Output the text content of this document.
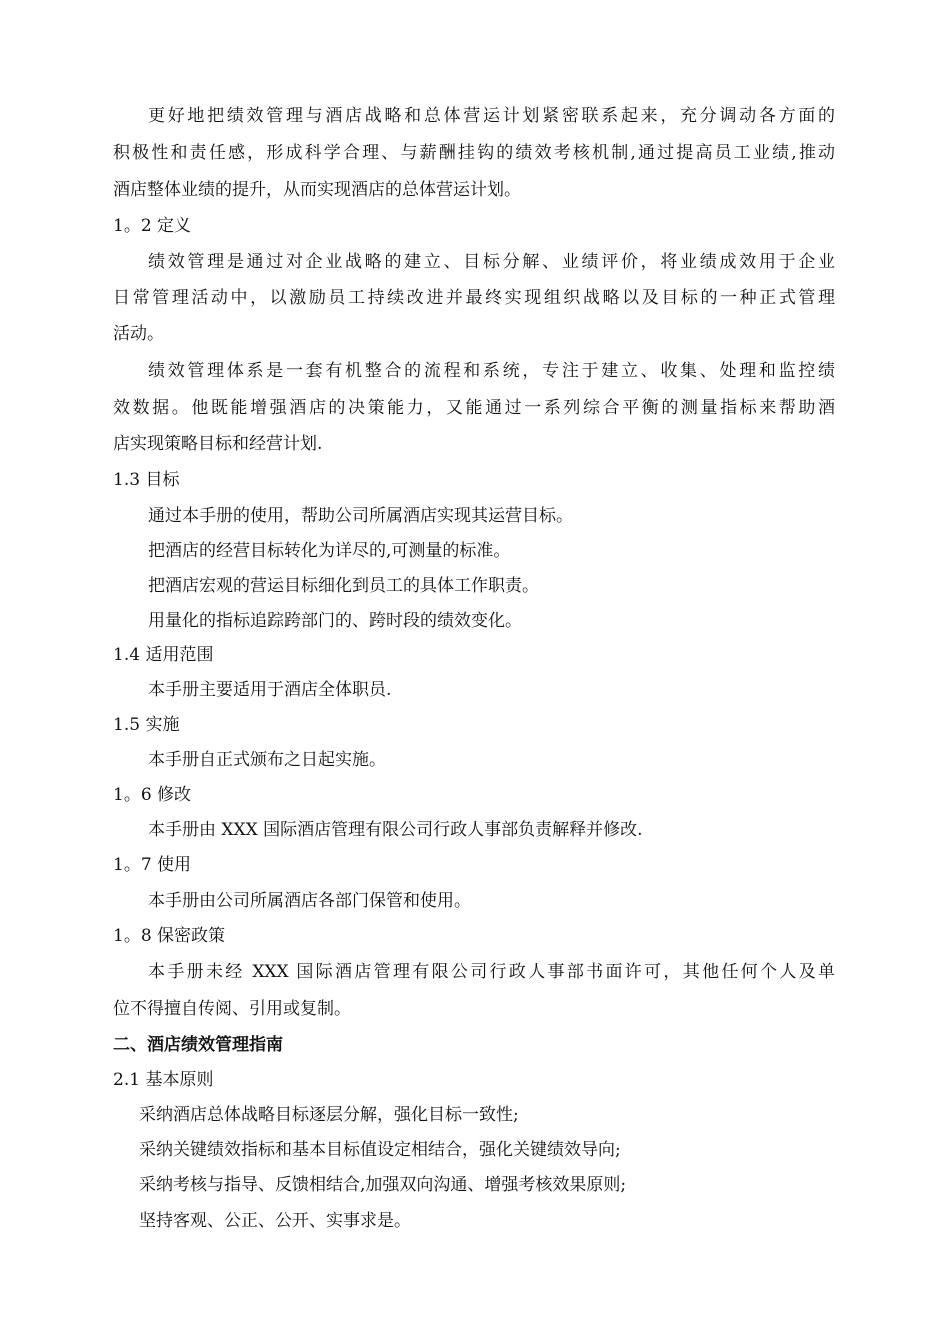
更好地把绩效管理与酒店战略和总体营运计划紧密联系起来，充分调动各方面的
积极性和责任感，形成科学合理、与薪酬挂钩的绩效考核机制,通过提高员工业绩,推动
酒店整体业绩的提升，从而实现酒店的总体营运计划。
1。2 定义
绩效管理是通过对企业战略的建立、目标分解、业绩评价，将业绩成效用于企业
日常管理活动中，以激励员工持续改进并最终实现组织战略以及目标的一种正式管理
活动。
绩效管理体系是一套有机整合的流程和系统，专注于建立、收集、处理和监控绩
效数据。他既能增强酒店的决策能力，又能通过一系列综合平衡的测量指标来帮助酒
店实现策略目标和经营计划.
1.3 目标
通过本手册的使用，帮助公司所属酒店实现其运营目标。
把酒店的经营目标转化为详尽的,可测量的标准。
把酒店宏观的营运目标细化到员工的具体工作职责。
用量化的指标追踪跨部门的、跨时段的绩效变化。
1.4 适用范围
本手册主要适用于酒店全体职员.
1.5 实施
本手册自正式颁布之日起实施。
1。6 修改
本手册由 XXX 国际酒店管理有限公司行政人事部负责解释并修改.
1。7 使用
本手册由公司所属酒店各部门保管和使用。
1。8 保密政策
本手册未经 XXX 国际酒店管理有限公司行政人事部书面许可，其他任何个人及单
位不得擅自传阅、引用或复制。
二、酒店绩效管理指南
2.1 基本原则
采纳酒店总体战略目标逐层分解，强化目标一致性;
采纳关键绩效指标和基本目标值设定相结合，强化关键绩效导向;
采纳考核与指导、反馈相结合,加强双向沟通、增强考核效果原则;
坚持客观、公正、公开、实事求是。
